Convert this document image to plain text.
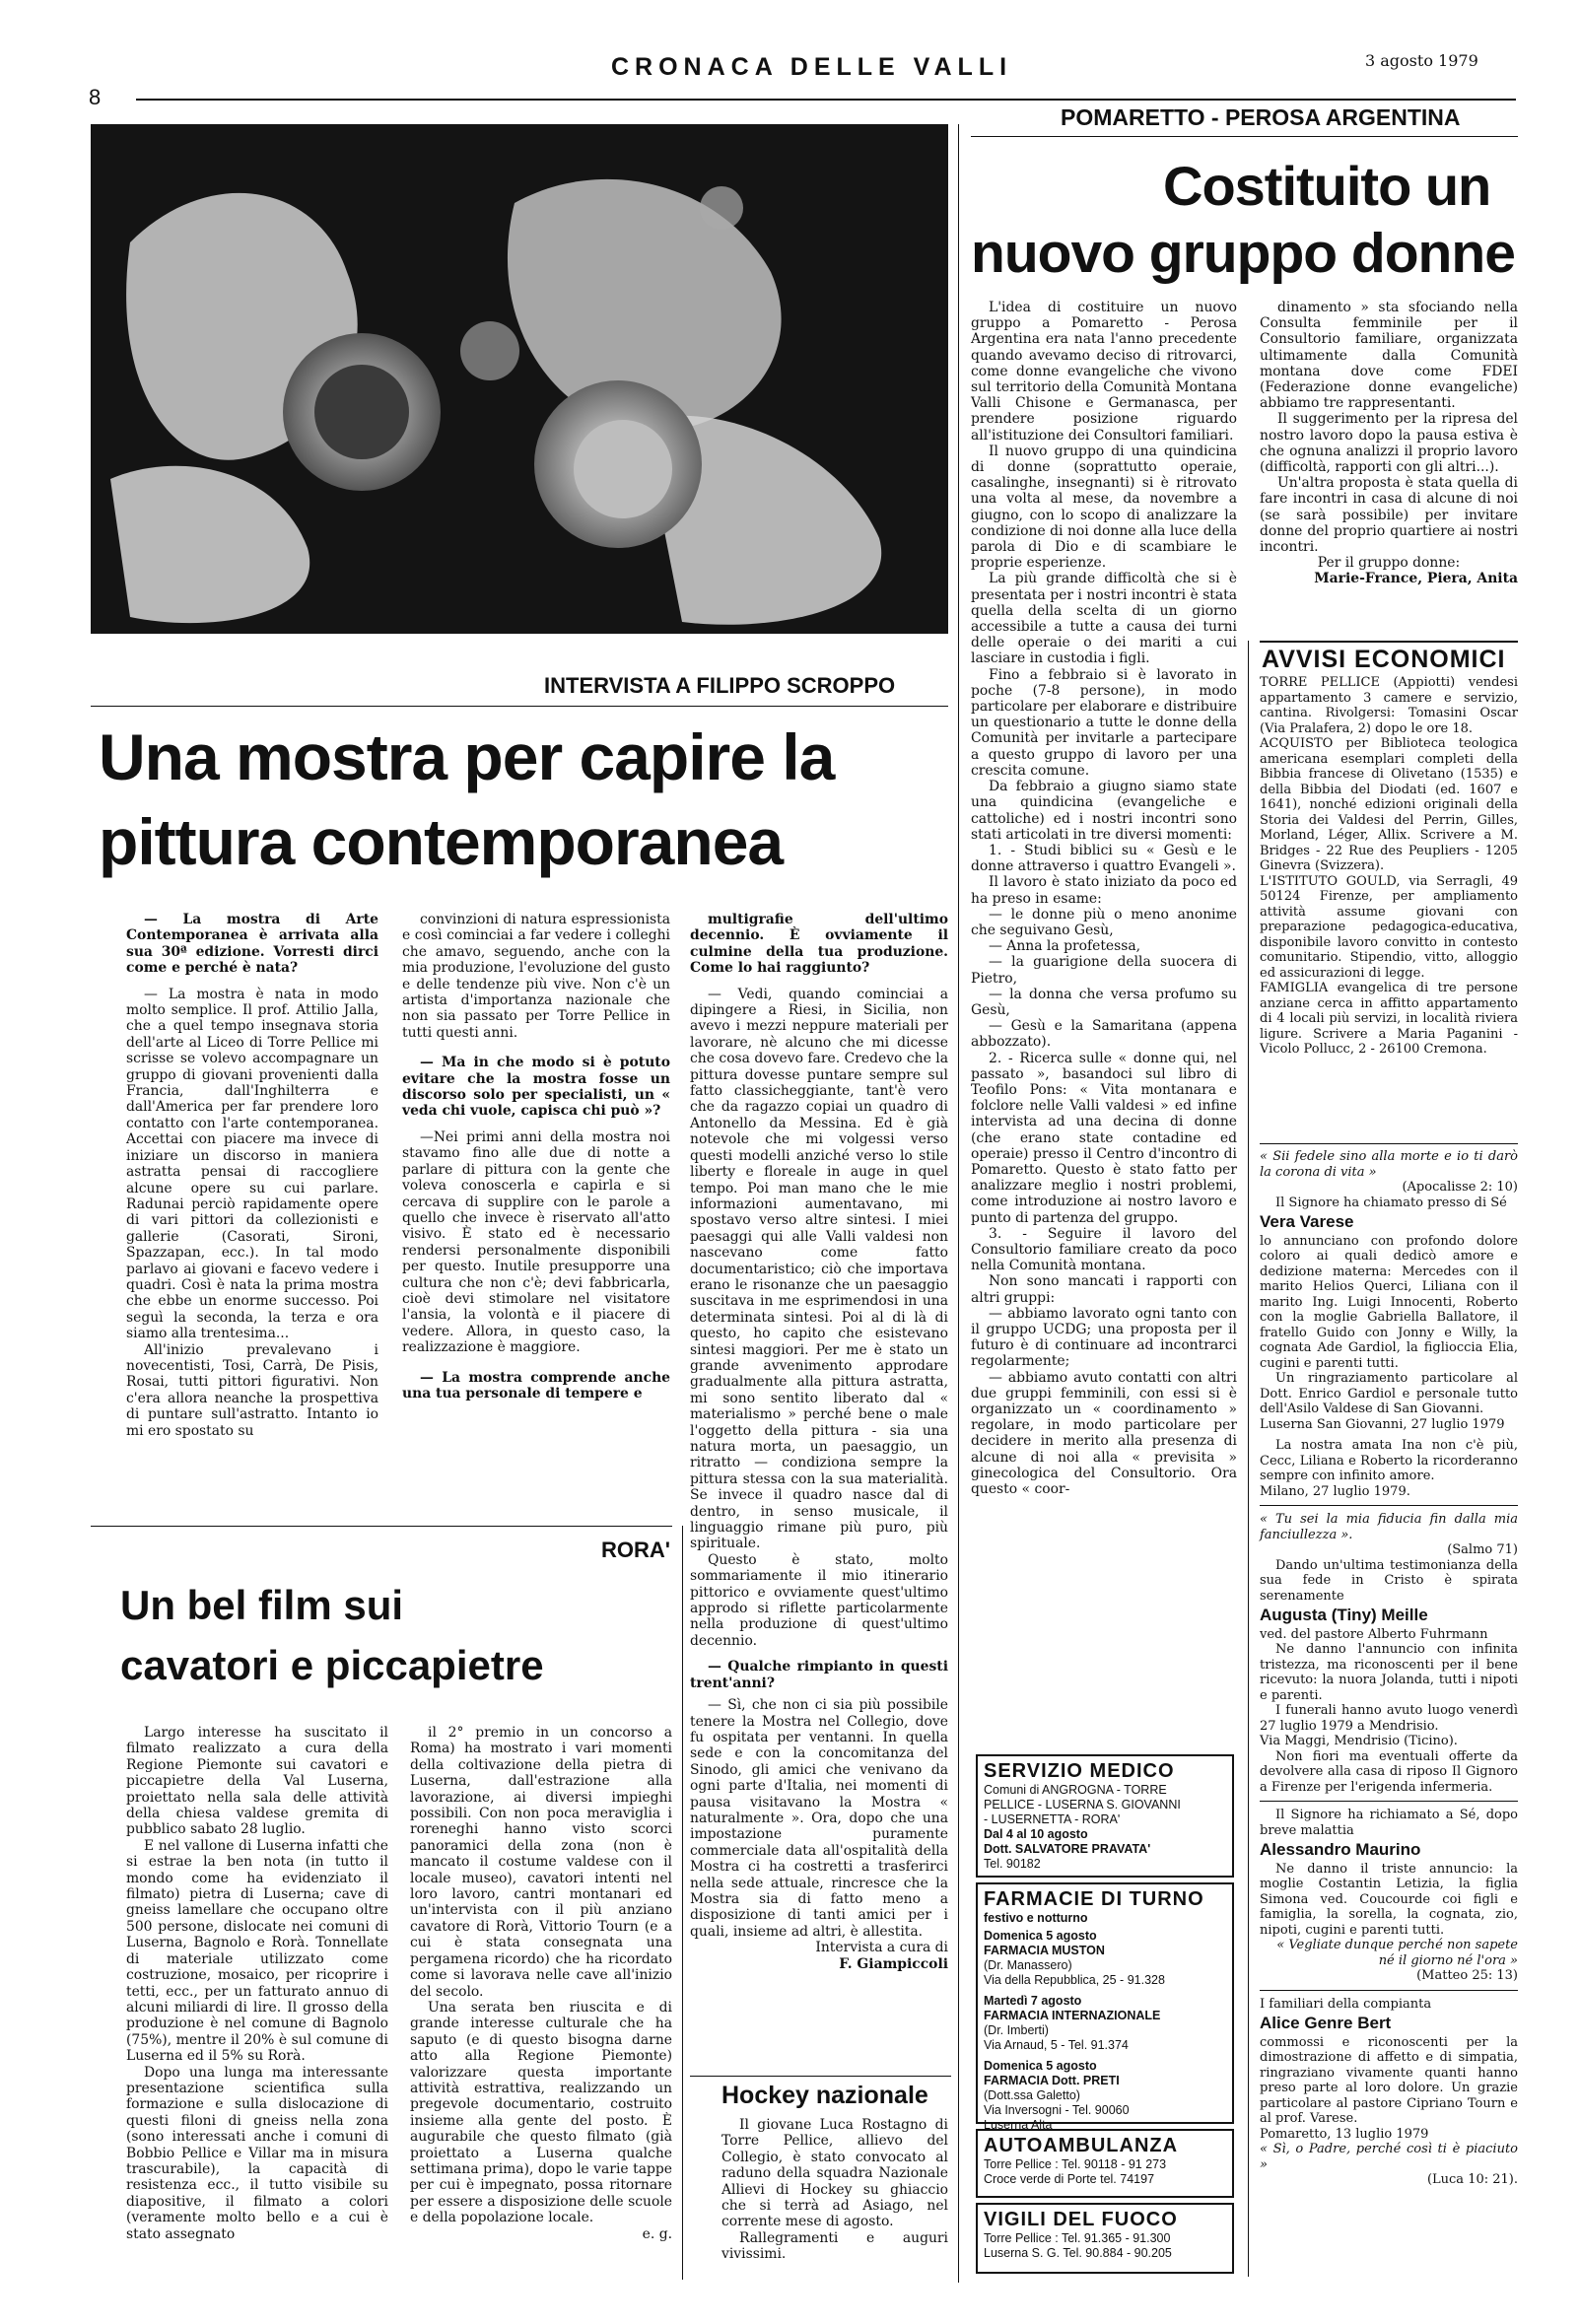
8
CRONACA DELLE VALLI	3 agosto 1979
POMARETTO - PEROSA ARGENTINA
Costituito un
nuovo gruppo donne

L'idea di costituire un nuovo gruppo a Pomaretto - Perosa Argentina era nata l'anno precedente quando avevamo deciso di ritrovarci, come donne evangeliche che vivono sul territorio della Comunità Montana Valli Chisone e Germanasca, per prendere posizione riguardo all'istituzione dei Consultori familiari.

Il nuovo gruppo di una quindicina di donne (soprattutto operaie, casalinghe, insegnanti) si è ritrovato una volta al mese, da novembre a giugno, con lo scopo di analizzare la condizione di noi donne alla luce della parola di Dio e di scambiare le proprie esperienze.

La più grande difficoltà che si è presentata per i nostri incontri è stata quella della scelta di un giorno accessibile a tutte a causa dei turni delle operaie o dei mariti a cui lasciare in custodia i figli.

Fino a febbraio si è lavorato in poche (7-8 persone), in modo particolare per elaborare e distribuire un questionario a tutte le donne della Comunità per invitarle a partecipare a questo gruppo di lavoro per una crescita comune.

Da febbraio a giugno siamo state una quindicina (evangeliche e cattoliche) ed i nostri incontri sono stati articolati in tre diversi momenti:

1. - Studi biblici su « Gesù e le donne attraverso i quattro Evangeli ».

Il lavoro è stato iniziato da poco ed ha preso in esame:

— le donne più o meno anonime che seguivano Gesù,

— Anna la profetessa,

— la guarigione della suocera di Pietro,

— la donna che versa profumo su Gesù,

— Gesù e la Samaritana (appena abbozzato).

2. - Ricerca sulle « donne qui, nel passato », basandoci sul libro di Teofilo Pons: « Vita montanara e folclore nelle Valli valdesi » ed infine intervista ad una decina di donne (che erano state contadine ed operaie) presso il Centro d'incontro di Pomaretto. Questo è stato fatto per analizzare meglio i nostri problemi, come introduzione ai nostro lavoro e punto di partenza del gruppo.

3. - Seguire il lavoro del Consultorio familiare creato da poco nella Comunità montana.

Non sono mancati i rapporti con altri gruppi:

— abbiamo lavorato ogni tanto con il gruppo UCDG; una proposta per il futuro è di continuare ad incontrarci regolarmente;

— abbiamo avuto contatti con altri due gruppi femminili, con essi si è organizzato un « coordinamento » regolare, in modo particolare per decidere in merito alla presenza di alcune di noi alla « previsita » ginecologica del Consultorio. Ora questo « coor-

dinamento » sta sfociando nella Consulta femminile per il Consultorio familiare, organizzata ultimamente dalla Comunità montana dove come FDEI (Federazione donne evangeliche) abbiamo tre rappresentanti.

Il suggerimento per la ripresa del nostro lavoro dopo la pausa estiva è che ognuna analizzi il proprio lavoro (difficoltà, rapporti con gli altri...).

Un'altra proposta è stata quella di fare incontri in casa di alcune di noi (se sarà possibile) per invitare donne del proprio quartiere ai nostri incontri.

Per il gruppo donne:

Marie-France, Piera, Anita

AVVISI ECONOMICI

TORRE PELLICE (Appiotti) vendesi appartamento 3 camere e servizio, cantina. Rivolgersi: Tomasini Oscar (Via Pralafera, 2) dopo le ore 18.

ACQUISTO per Biblioteca teologica americana esemplari completi della Bibbia francese di Olivetano (1535) e della Bibbia del Diodati (ed. 1607 e 1641), nonché edizioni originali della Storia dei Valdesi del Perrin, Gilles, Morland, Léger, Allix. Scrivere a M. Bridges - 22 Rue des Peupliers - 1205 Ginevra (Svizzera).

L'ISTITUTO GOULD, via Serragli, 49 50124 Firenze, per ampliamento attività assume giovani con preparazione pedagogica-educativa, disponibile lavoro convitto in contesto comunitario. Stipendio, vitto, alloggio ed assicurazioni di legge.

FAMIGLIA evangelica di tre persone anziane cerca in affitto appartamento di 4 locali più servizi, in località riviera ligure. Scrivere a Maria Paganini - Vicolo Pollucc, 2 - 26100 Cremona.

« Sii fedele sino alla morte e io ti darò la corona di vita »

(Apocalisse 2: 10)

Il Signore ha chiamato presso di Sé

Vera Varese

lo annunciano con profondo dolore coloro ai quali dedicò amore e dedizione materna: Mercedes con il marito Helios Querci, Liliana con il marito Ing. Luigi Innocenti, Roberto con la moglie Gabriella Ballatore, il fratello Guido con Jonny e Willy, la cognata Ade Gardiol, la figlioccia Elia, cugini e parenti tutti.

Un ringraziamento particolare al Dott. Enrico Gardiol e personale tutto dell'Asilo Valdese di San Giovanni.

Luserna San Giovanni, 27 luglio 1979

La nostra amata Ina non c'è più, Cecc, Liliana e Roberto la ricorderanno sempre con infinito amore.

Milano, 27 luglio 1979.

« Tu sei la mia fiducia fin dalla mia fanciullezza ».

(Salmo 71)

Dando un'ultima testimonianza della sua fede in Cristo è spirata serenamente

Augusta (Tiny) Meille

ved. del pastore Alberto Fuhrmann

Ne danno l'annuncio con infinita tristezza, ma riconoscenti per il bene ricevuto: la nuora Jolanda, tutti i nipoti e parenti.

I funerali hanno avuto luogo venerdì 27 luglio 1979 a Mendrisio.

Via Maggi, Mendrisio (Ticino).

Non fiori ma eventuali offerte da devolvere alla casa di riposo Il Gignoro a Firenze per l'erigenda infermeria.

Il Signore ha richiamato a Sé, dopo breve malattia

Alessandro Maurino

Ne danno il triste annuncio: la moglie Costantin Letizia, la figlia Simona ved. Coucourde coi figli e famiglia, la sorella, la cognata, zio, nipoti, cugini e parenti tutti.

« Vegliate dunque perché non sapete né il giorno né l'ora »

(Matteo 25: 13)

I familiari della compianta

Alice Genre Bert

commossi e riconoscenti per la dimostrazione di affetto e di simpatia, ringraziano vivamente quanti hanno preso parte al loro dolore. Un grazie particolare al pastore Cipriano Tourn e al prof. Varese.

Pomaretto, 13 luglio 1979

« Sì, o Padre, perché così ti è piaciuto »

(Luca 10: 21).

INTERVISTA A FILIPPO SCROPPO
Una mostra per capire la
pittura contemporanea

— La mostra di Arte Contemporanea è arrivata alla sua 30ª edizione. Vorresti dirci come e perché è nata?

— La mostra è nata in modo molto semplice. Il prof. Attilio Jalla, che a quel tempo insegnava storia dell'arte al Liceo di Torre Pellice mi scrisse se volevo accompagnare un gruppo di giovani provenienti dalla Francia, dall'Inghilterra e dall'America per far prendere loro contatto con l'arte contemporanea. Accettai con piacere ma invece di iniziare un discorso in maniera astratta pensai di raccogliere alcune opere su cui parlare. Radunai perciò rapidamente opere di vari pittori da collezionisti e gallerie (Casorati, Sironi, Spazzapan, ecc.). In tal modo parlavo ai giovani e facevo vedere i quadri. Così è nata la prima mostra che ebbe un enorme successo. Poi seguì la seconda, la terza e ora siamo alla trentesima...

All'inizio prevalevano i novecentisti, Tosi, Carrà, De Pisis, Rosai, tutti pittori figurativi. Non c'era allora neanche la prospettiva di puntare sull'astratto. Intanto io mi ero spostato su

convinzioni di natura espressionista e così cominciai a far vedere i colleghi che amavo, seguendo, anche con la mia produzione, l'evoluzione del gusto e delle tendenze più vive. Non c'è un artista d'importanza nazionale che non sia passato per Torre Pellice in tutti questi anni.

— Ma in che modo si è potuto evitare che la mostra fosse un discorso solo per specialisti, un « veda chi vuole, capisca chi può »?

—Nei primi anni della mostra noi stavamo fino alle due di notte a parlare di pittura con la gente che voleva conoscerla e capirla e si cercava di supplire con le parole a quello che invece è riservato all'atto visivo. È stato ed è necessario rendersi personalmente disponibili per questo. Inutile presupporre una cultura che non c'è; devi fabbricarla, cioè devi stimolare nel visitatore l'ansia, la volontà e il piacere di vedere. Allora, in questo caso, la realizzazione è maggiore.

— La mostra comprende anche una tua personale di tempere e

multigrafie dell'ultimo decennio. È ovviamente il culmine della tua produzione. Come lo hai raggiunto?

— Vedi, quando cominciai a dipingere a Riesi, in Sicilia, non avevo i mezzi neppure materiali per lavorare, nè alcuno che mi dicesse che cosa dovevo fare. Credevo che la pittura dovesse puntare sempre sul fatto classicheggiante, tant'è vero che da ragazzo copiai un quadro di Antonello da Messina. Ed è già notevole che mi volgessi verso questi modelli anziché verso lo stile liberty e floreale in auge in quel tempo. Poi man mano che le mie informazioni aumentavano, mi spostavo verso altre sintesi. I miei paesaggi qui alle Valli valdesi non nascevano come fatto documentaristico; ciò che importava erano le risonanze che un paesaggio suscitava in me esprimendosi in una determinata sintesi. Poi al di là di questo, ho capito che esistevano sintesi maggiori. Per me è stato un grande avvenimento approdare gradualmente alla pittura astratta, mi sono sentito liberato dal « materialismo » perché bene o male l'oggetto della pittura - sia una natura morta, un paesaggio, un ritratto — condiziona sempre la pittura stessa con la sua materialità. Se invece il quadro nasce dal di dentro, in senso musicale, il linguaggio rimane più puro, più spirituale.

Questo è stato, molto sommariamente il mio itinerario pittorico e ovviamente quest'ultimo approdo si riflette particolarmente nella produzione di quest'ultimo decennio.

— Qualche rimpianto in questi trent'anni?

— Sì, che non ci sia più possibile tenere la Mostra nel Collegio, dove fu ospitata per ventanni. In quella sede e con la concomitanza del Sinodo, gli amici che venivano da ogni parte d'Italia, nei momenti di pausa visitavano la Mostra « naturalmente ». Ora, dopo che una impostazione puramente commerciale data all'ospitalità della Mostra ci ha costretti a trasferirci nella sede attuale, rincresce che la Mostra sia di fatto meno a disposizione di tanti amici per i quali, insieme ad altri, è allestita.

Intervista a cura di

F. Giampiccoli

RORA'
Un bel film sui
cavatori e piccapietre

Largo interesse ha suscitato il filmato realizzato a cura della Regione Piemonte sui cavatori e piccapietre della Val Luserna, proiettato nella sala delle attività della chiesa valdese gremita di pubblico sabato 28 luglio.

E nel vallone di Luserna infatti che si estrae la ben nota (in tutto il mondo come ha evidenziato il filmato) pietra di Luserna; cave di gneiss lamellare che occupano oltre 500 persone, dislocate nei comuni di Luserna, Bagnolo e Rorà. Tonnellate di materiale utilizzato come costruzione, mosaico, per ricoprire i tetti, ecc., per un fatturato annuo di alcuni miliardi di lire. Il grosso della produzione è nel comune di Bagnolo (75%), mentre il 20% è sul comune di Luserna ed il 5% su Rorà.

Dopo una lunga ma interessante presentazione scientifica sulla formazione e sulla dislocazione di questi filoni di gneiss nella zona (sono interessati anche i comuni di Bobbio Pellice e Villar ma in misura trascurabile), la capacità di resistenza ecc., il tutto visibile su diapositive, il filmato a colori (veramente molto bello e a cui è stato assegnato

il 2° premio in un concorso a Roma) ha mostrato i vari momenti della coltivazione della pietra di Luserna, dall'estrazione alla lavorazione, ai diversi impieghi possibili. Con non poca meraviglia i roreneghi hanno visto scorci panoramici della zona (non è mancato il costume valdese con il locale museo), cavatori intenti nel loro lavoro, cantri montanari ed un'intervista con il più anziano cavatore di Rorà, Vittorio Tourn (e a cui è stata consegnata una pergamena ricordo) che ha ricordato come si lavorava nelle cave all'inizio del secolo.

Una serata ben riuscita e di grande interesse culturale che ha saputo (e di questo bisogna darne atto alla Regione Piemonte) valorizzare questa importante attività estrattiva, realizzando un pregevole documentario, costruito insieme alla gente del posto. È augurabile che questo filmato (già proiettato a Luserna qualche settimana prima), dopo le varie tappe per cui è impegnato, possa ritornare per essere a disposizione delle scuole e della popolazione locale.

e. g.

Hockey nazionale

Il giovane Luca Rostagno di Torre Pellice, allievo del Collegio, è stato convocato al raduno della squadra Nazionale Allievi di Hockey su ghiaccio che si terrà ad Asiago, nel corrente mese di agosto.

Rallegramenti e auguri vivissimi.

SERVIZIO MEDICO
Comuni di ANGROGNA - TORRE
PELLICE - LUSERNA S. GIOVANNI
- LUSERNETTA - RORA'
Dal 4 al 10 agosto
Dott. SALVATORE PRAVATA'
Tel. 90182
FARMACIE DI TURNO
festivo e notturno
Domenica 5 agosto
FARMACIA MUSTON
(Dr. Manassero)
Via della Repubblica, 25 - 91.328
Martedì 7 agosto
FARMACIA INTERNAZIONALE
(Dr. Imberti)
Via Arnaud, 5 - Tel. 91.374
Domenica 5 agosto
FARMACIA Dott. PRETI
(Dott.ssa Galetto)
Via Inversogni - Tel. 90060
Luserna Alta
AUTOAMBULANZA
Torre Pellice : Tel. 90118 - 91 273
Croce verde di Porte tel. 74197
VIGILI DEL FUOCO
Torre Pellice : Tel. 91.365 - 91.300
Luserna S. G. Tel. 90.884 - 90.205
